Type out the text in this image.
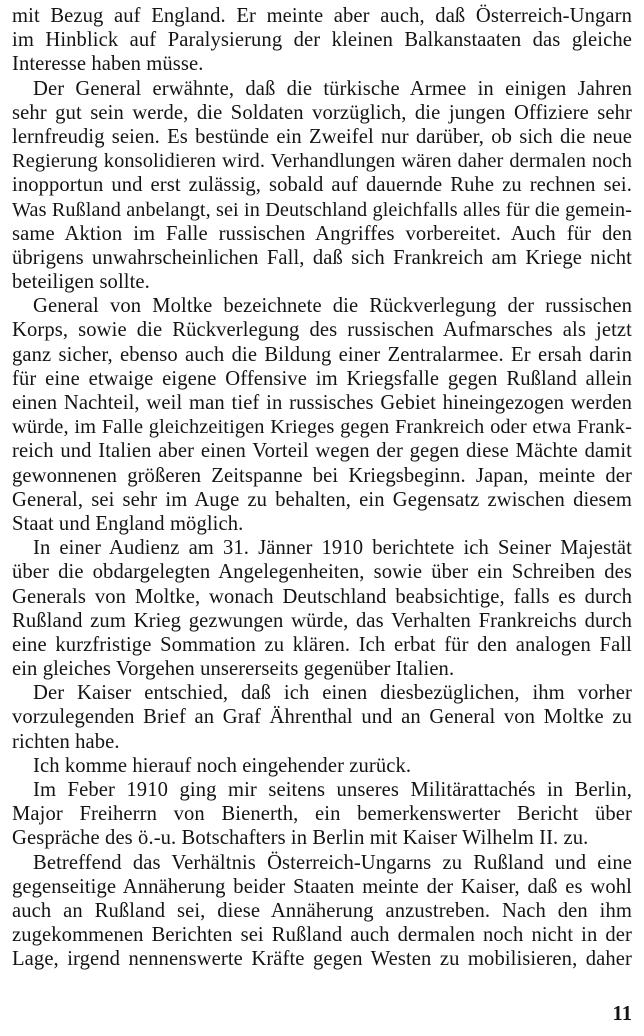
mit Bezug auf England. Er meinte aber auch, daß Österreich-Ungarn
im Hinblick auf Paralysierung der kleinen Balkanstaaten das gleiche
Interesse haben müsse.
Der General erwähnte, daß die türkische Armee in einigen Jahren
sehr gut sein werde, die Soldaten vorzüglich, die jungen Offiziere sehr
lernfreudig seien. Es bestünde ein Zweifel nur darüber, ob sich die neue
Regierung konsolidieren wird. Verhandlungen wären daher dermalen noch
inopportun und erst zulässig, sobald auf dauernde Ruhe zu rechnen sei.
Was Rußland anbelangt, sei in Deutschland gleichfalls alles für die gemein-
same Aktion im Falle russischen Angriffes vorbereitet. Auch für den
übrigens unwahrscheinlichen Fall, daß sich Frankreich am Kriege nicht
beteiligen sollte.
General von Moltke bezeichnete die Rückverlegung der russischen
Korps, sowie die Rückverlegung des russischen Aufmarsches als jetzt
ganz sicher, ebenso auch die Bildung einer Zentralarmee. Er ersah darin
für eine etwaige eigene Offensive im Kriegsfalle gegen Rußland allein
einen Nachteil, weil man tief in russisches Gebiet hineingezogen werden
würde, im Falle gleichzeitigen Krieges gegen Frankreich oder etwa Frank-
reich und Italien aber einen Vorteil wegen der gegen diese Mächte damit
gewonnenen größeren Zeitspanne bei Kriegsbeginn. Japan, meinte der
General, sei sehr im Auge zu behalten, ein Gegensatz zwischen diesem
Staat und England möglich.
In einer Audienz am 31. Jänner 1910 berichtete ich Seiner Majestät
über die obdargelegten Angelegenheiten, sowie über ein Schreiben des
Generals von Moltke, wonach Deutschland beabsichtige, falls es durch
Rußland zum Krieg gezwungen würde, das Verhalten Frankreichs durch
eine kurzfristige Sommation zu klären. Ich erbat für den analogen Fall
ein gleiches Vorgehen unsererseits gegenüber Italien.
Der Kaiser entschied, daß ich einen diesbezüglichen, ihm vorher
vorzulegenden Brief an Graf Ährenthal und an General von Moltke zu
richten habe.
Ich komme hierauf noch eingehender zurück.
Im Feber 1910 ging mir seitens unseres Militärattachés in Berlin,
Major Freiherrn von Bienerth, ein bemerkenswerter Bericht über
Gespräche des ö.-u. Botschafters in Berlin mit Kaiser Wilhelm II. zu.
Betreffend das Verhältnis Österreich-Ungarns zu Rußland und eine
gegenseitige Annäherung beider Staaten meinte der Kaiser, daß es wohl
auch an Rußland sei, diese Annäherung anzustreben. Nach den ihm
zugekommenen Berichten sei Rußland auch dermalen noch nicht in der
Lage, irgend nennenswerte Kräfte gegen Westen zu mobilisieren, daher
11
